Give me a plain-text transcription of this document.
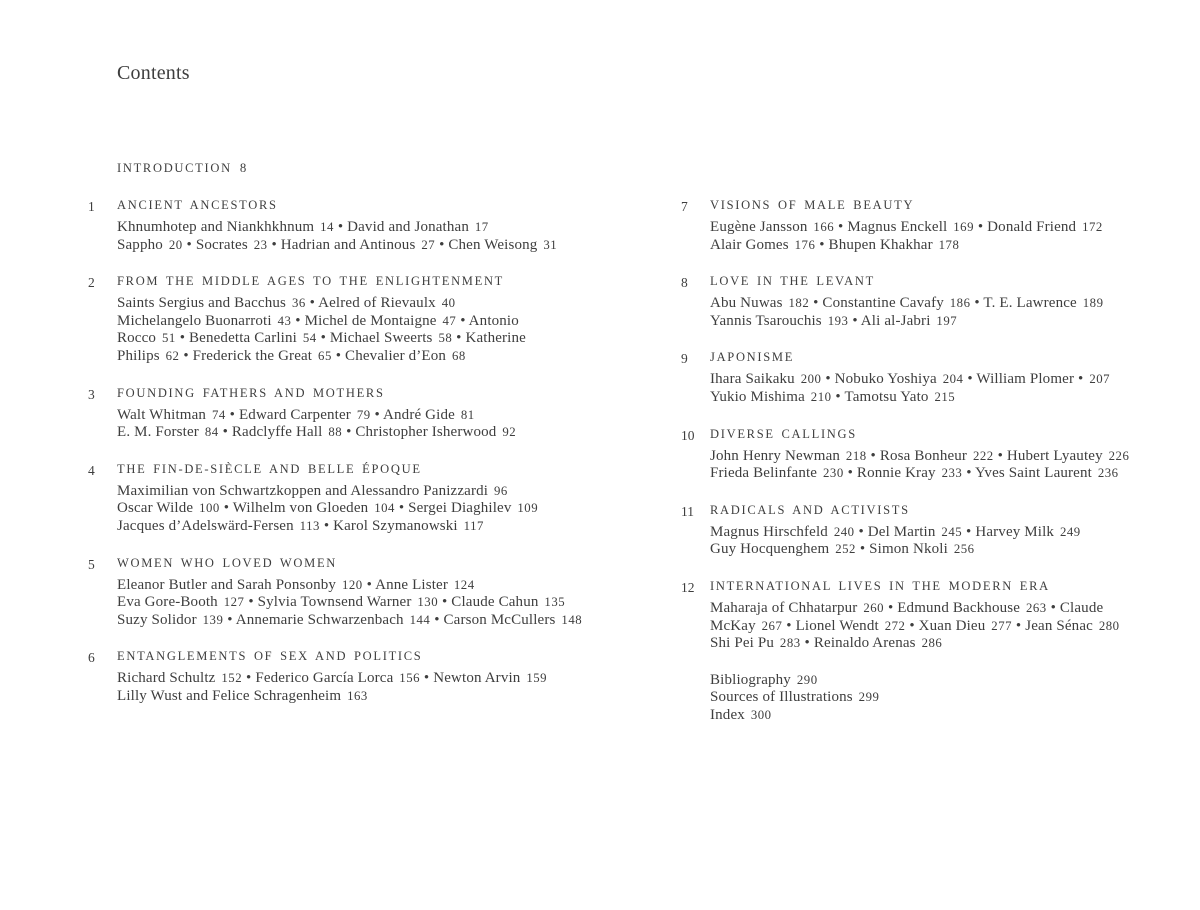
Contents
INTRODUCTION 8
1	ANCIENT ANCESTORS

Khnumhotep and Niankhkhnum 14 • David and Jonathan 17

Sappho 20 • Socrates 23 • Hadrian and Antinous 27 • Chen Weisong 31

2	FROM THE MIDDLE AGES TO THE ENLIGHTENMENT

Saints Sergius and Bacchus 36 • Aelred of Rievaulx 40

Michelangelo Buonarroti 43 • Michel de Montaigne 47 • Antonio

Rocco 51 • Benedetta Carlini 54 • Michael Sweerts 58 • Katherine

Philips 62 • Frederick the Great 65 • Chevalier d’Eon 68

3	FOUNDING FATHERS AND MOTHERS

Walt Whitman 74 • Edward Carpenter 79 • André Gide 81

E. M. Forster 84 • Radclyffe Hall 88 • Christopher Isherwood 92

4	THE FIN-DE-SIÈCLE AND BELLE ÉPOQUE

Maximilian von Schwartzkoppen and Alessandro Panizzardi 96

Oscar Wilde 100 • Wilhelm von Gloeden 104 • Sergei Diaghilev 109

Jacques d’Adelswärd-Fersen 113 • Karol Szymanowski 117

5	WOMEN WHO LOVED WOMEN

Eleanor Butler and Sarah Ponsonby 120 • Anne Lister 124

Eva Gore-Booth 127 • Sylvia Townsend Warner 130 • Claude Cahun 135

Suzy Solidor 139 • Annemarie Schwarzenbach 144 • Carson McCullers 148

6	ENTANGLEMENTS OF SEX AND POLITICS

Richard Schultz 152 • Federico García Lorca 156 • Newton Arvin 159

Lilly Wust and Felice Schragenheim 163

7	VISIONS OF MALE BEAUTY

Eugène Jansson 166 • Magnus Enckell 169 • Donald Friend 172

Alair Gomes 176 • Bhupen Khakhar 178

8	LOVE IN THE LEVANT

Abu Nuwas 182 • Constantine Cavafy 186 • T. E. Lawrence 189

Yannis Tsarouchis 193 • Ali al-Jabri 197

9	JAPONISME

Ihara Saikaku 200 • Nobuko Yoshiya 204 • William Plomer • 207

Yukio Mishima 210 • Tamotsu Yato 215

10	DIVERSE CALLINGS

John Henry Newman 218 • Rosa Bonheur 222 • Hubert Lyautey 226

Frieda Belinfante 230 • Ronnie Kray 233 • Yves Saint Laurent 236

11	RADICALS AND ACTIVISTS

Magnus Hirschfeld 240 • Del Martin 245 • Harvey Milk 249

Guy Hocquenghem 252 • Simon Nkoli 256

12	INTERNATIONAL LIVES IN THE MODERN ERA

Maharaja of Chhatarpur 260 • Edmund Backhouse 263 • Claude

McKay 267 • Lionel Wendt 272 • Xuan Dieu 277 • Jean Sénac 280

Shi Pei Pu 283 • Reinaldo Arenas 286

Bibliography 290

Sources of Illustrations 299

Index 300
